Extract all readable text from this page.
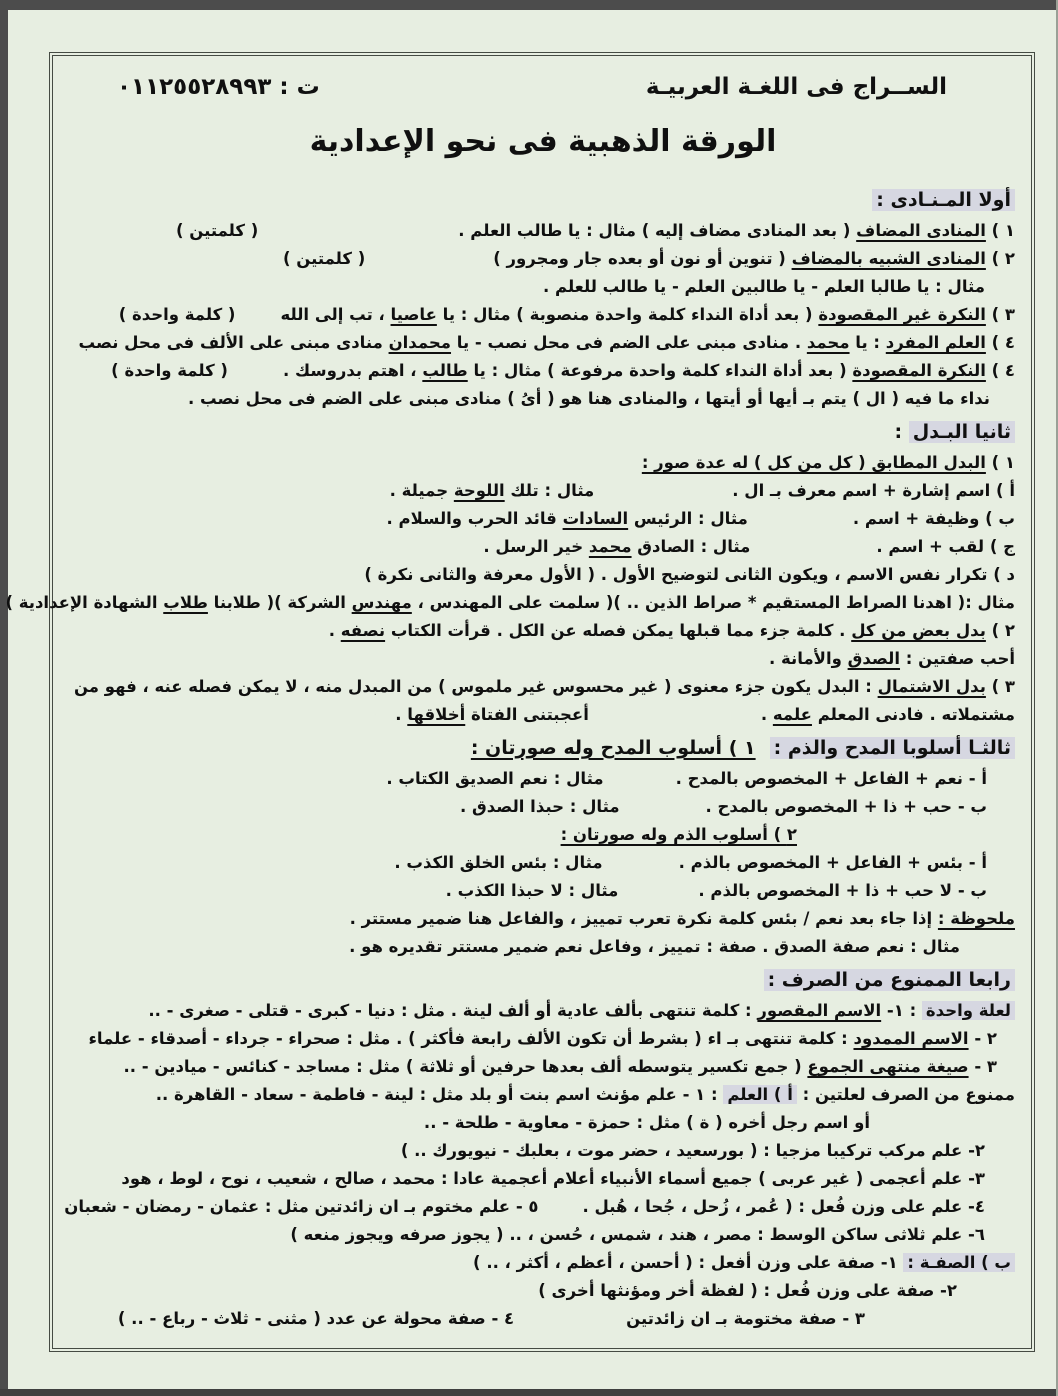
الســراج فى اللغـة العربيـة
ت : ٠١١٢٥٥٢٨٩٩٣
الورقة الذهبية فى نحو الإعدادية
أولا المـنـادى :
١ ) المنادى المضاف ( بعد المنادى مضاف إليه ) مثال : يا طالب العلم .( كلمتين )
٢ ) المنادى الشبيه بالمضاف ( تنوين أو نون أو بعده جار ومجرور )( كلمتين )
مثال : يا طالبا العلم - يا طالبين العلم - يا طالب للعلم .
٣ ) النكرة غير المقصودة ( بعد أداة النداء كلمة واحدة منصوبة ) مثال : يا عاصيا ، تب إلى الله( كلمة واحدة )
٤ ) العلم المفرد : يا محمد . منادى مبنى على الضم فى محل نصب - يا محمدان منادى مبنى على الألف فى محل نصب
٤ ) النكرة المقصودة ( بعد أداة النداء كلمة واحدة مرفوعة ) مثال : يا طالب ، اهتم بدروسك .( كلمة واحدة )
نداء ما فيه ( ال ) يتم بـ أيها أو أيتها ، والمنادى هنا هو ( أىُ ) منادى مبنى على الضم فى محل نصب .
ثانيا البـدل :
١ ) البدل المطابق ( كل من كل ) له عدة صور :
أ ) اسم إشارة + اسم معرف بـ ال .مثال : تلك اللوحة جميلة .
ب ) وظيفة + اسم .مثال : الرئيس السادات قائد الحرب والسلام .
ج ) لقب + اسم .مثال : الصادق محمد خير الرسل .
د ) تكرار نفس الاسم ، ويكون الثانى لتوضيح الأول . ( الأول معرفة والثانى نكرة )
مثال :( اهدنا الصراط المستقيم * صراط الذين .. )( سلمت على المهندس ، مهندس الشركة )( طلابنا طلاب الشهادة الإعدادية )
٢ ) بدل بعض من كل . كلمة جزء مما قبلها يمكن فصله عن الكل . قرأت الكتاب نصفه .
أحب صفتين : الصدق والأمانة .
٣ ) بدل الاشتمال : البدل يكون جزء معنوى ( غير محسوس غير ملموس ) من المبدل منه ، لا يمكن فصله عنه ، فهو من
مشتملاته . فادنى المعلم علمه .أعجبتنى الفتاة أخلاقها .
ثالثـا أسلوبا المدح والذم :١ ) أسلوب المدح وله صورتان :
أ - نعم + الفاعل + المخصوص بالمدح .مثال : نعم الصديق الكتاب .
ب - حب + ذا + المخصوص بالمدح .مثال : حبذا الصدق .
٢ ) أسلوب الذم وله صورتان :
أ - بئس + الفاعل + المخصوص بالذم .مثال : بئس الخلق الكذب .
ب - لا حب + ذا + المخصوص بالذم .مثال : لا حبذا الكذب .
ملحوظة : إذا جاء بعد نعم / بئس كلمة نكرة تعرب تمييز ، والفاعل هنا ضمير مستتر .
مثال : نعم صفة الصدق . صفة : تمييز ، وفاعل نعم ضمير مستتر تقديره هو .
رابعا الممنوع من الصرف :
لعلة واحدة : ١- الاسم المقصور : كلمة تنتهى بألف عادية أو ألف لينة . مثل : دنيا - كبرى - قتلى - صغرى - ..
٢ - الاسم الممدود : كلمة تنتهى بـ اء ( بشرط أن تكون الألف رابعة فأكثر ) . مثل : صحراء - جرداء - أصدقاء - علماء
٣ - صيغة منتهى الجموع ( جمع تكسير يتوسطه ألف بعدها حرفين أو ثلاثة ) مثل : مساجد - كنائس - ميادين - ..
ممنوع من الصرف لعلتين : أ ) العلم : ١ - علم مؤنث اسم بنت أو بلد مثل : لينة - فاطمة - سعاد - القاهرة ..
أو اسم رجل أخره ( ة ) مثل : حمزة - معاوية - طلحة - ..
٢- علم مركب تركيبا مزجيا : ( بورسعيد ، حضر موت ، بعلبك - نيويورك .. )
٣- علم أعجمى ( غير عربى ) جميع أسماء الأنبياء أعلام أعجمية عادا : محمد ، صالح ، شعيب ، نوح ، لوط ، هود
٤- علم على وزن فُعل : ( عُمر ، زُحل ، جُحا ، هُبل .٥ - علم مختوم بـ ان زائدتين مثل : عثمان - رمضان - شعبان
٦- علم ثلاثى ساكن الوسط : مصر ، هند ، شمس ، حُسن ، .. ( يجوز صرفه ويجوز منعه )
ب ) الصفـة : ١- صفة على وزن أفعل : ( أحسن ، أعظم ، أكثر ، .. )
٢- صفة على وزن فُعل : ( لفظة أخر ومؤنثها أخرى )
٣ - صفة مختومة بـ ان زائدتين٤ - صفة محولة عن عدد ( مثنى - ثلاث - رباع - .. )
